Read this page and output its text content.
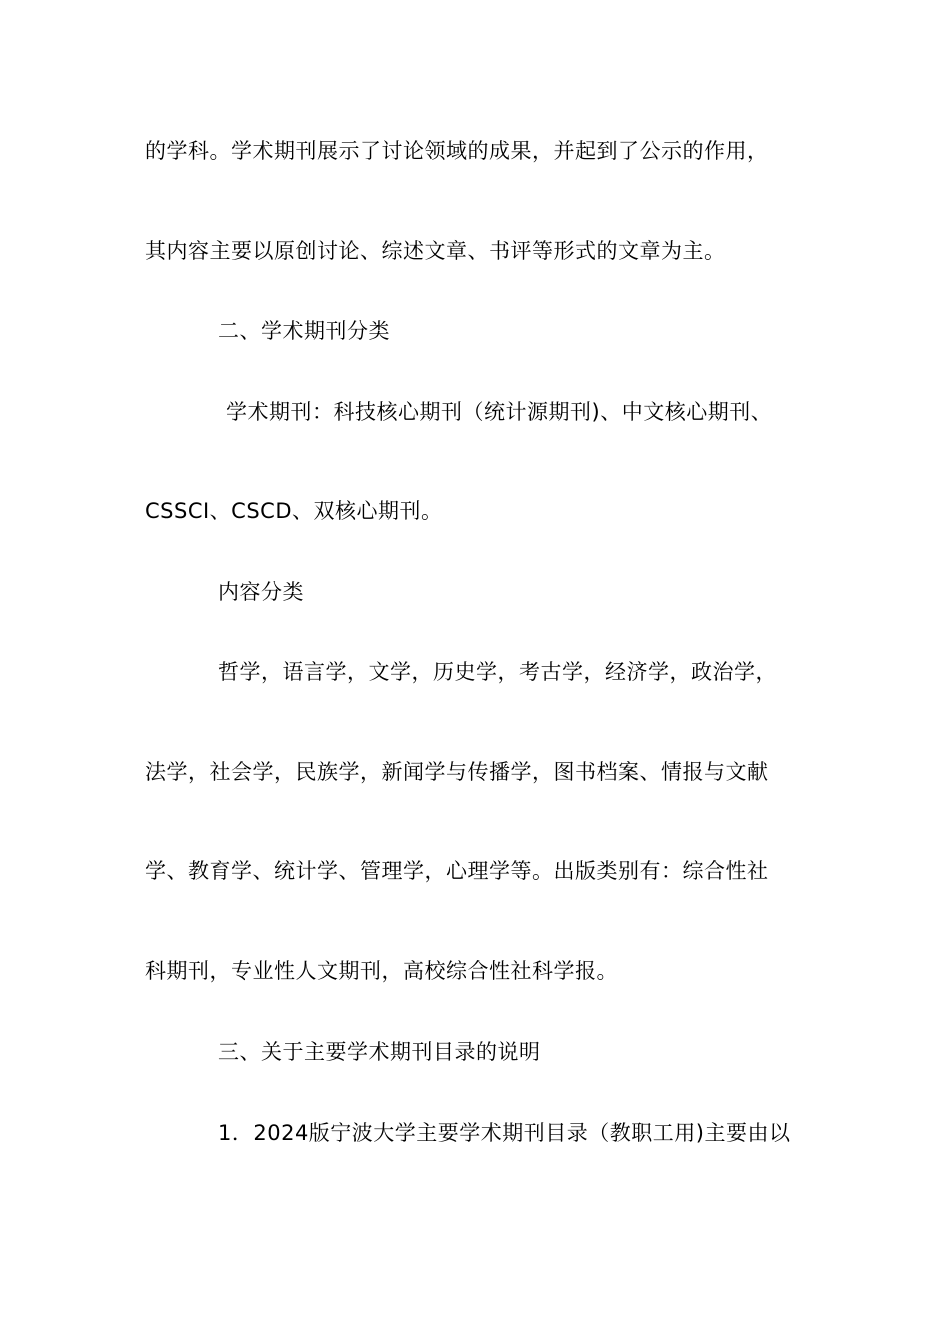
的学科。学术期刊展示了讨论领域的成果，并起到了公示的作用，
其内容主要以原创讨论、综述文章、书评等形式的文章为主。
二、学术期刊分类
学术期刊：科技核心期刊（统计源期刊)、中文核心期刊、
CSSCI、CSCD、双核心期刊。
内容分类
哲学，语言学，文学，历史学，考古学，经济学，政治学，
法学，社会学，民族学，新闻学与传播学，图书档案、情报与文献
学、教育学、统计学、管理学，心理学等。出版类别有：综合性社
科期刊，专业性人文期刊，高校综合性社科学报。
三、关于主要学术期刊目录的说明
1．2024版宁波大学主要学术期刊目录（教职工用)主要由以
